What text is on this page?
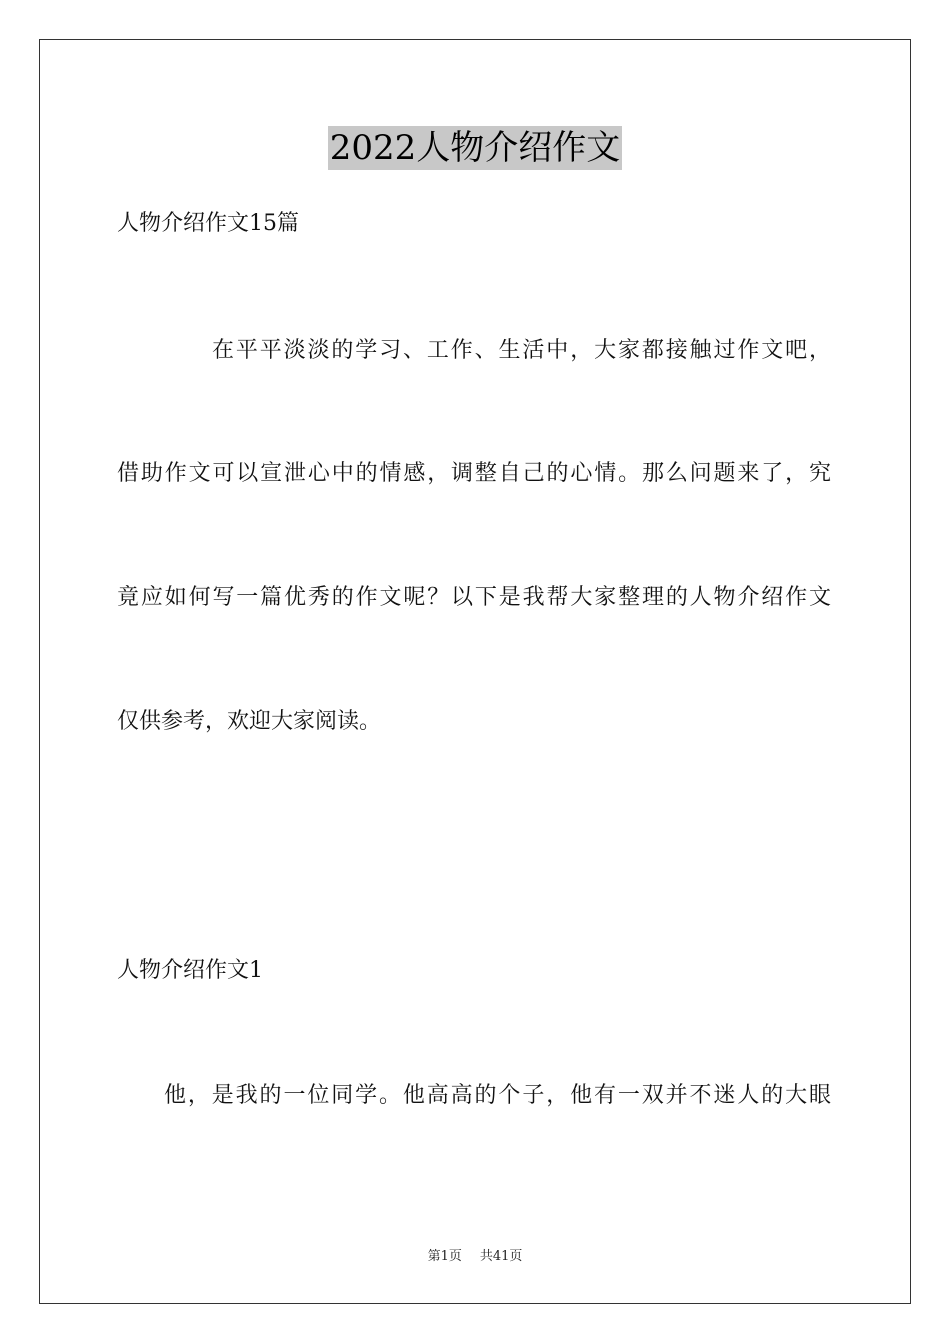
2022人物介绍作文
人物介绍作文15篇
在平平淡淡的学习、工作、生活中，大家都接触过作文吧，
借助作文可以宣泄心中的情感，调整自己的心情。那么问题来了，究
竟应如何写一篇优秀的作文呢？以下是我帮大家整理的人物介绍作文
仅供参考，欢迎大家阅读。
人物介绍作文1
他，是我的一位同学。他高高的个子，他有一双并不迷人的大眼
第1页 共41页
